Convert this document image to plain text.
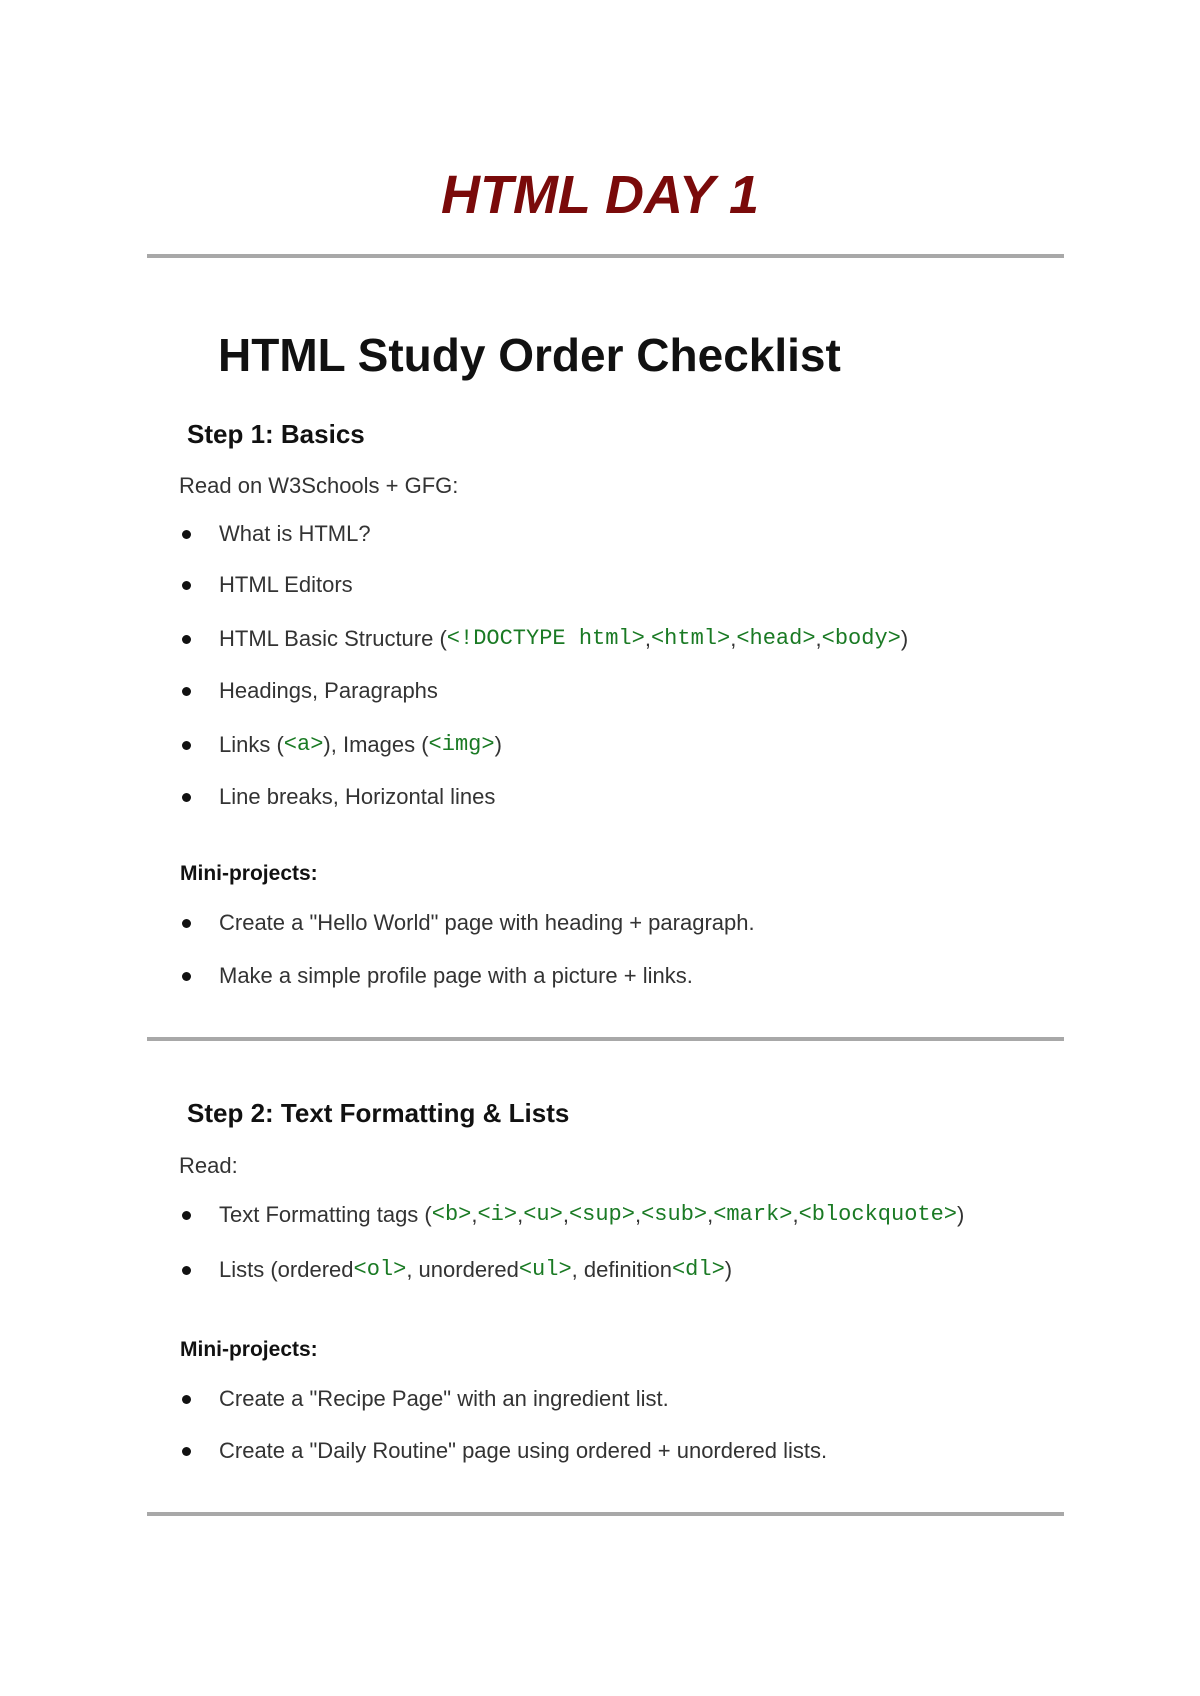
HTML DAY 1
HTML Study Order Checklist
Step 1: Basics
Read on W3Schools + GFG:
What is HTML?
HTML Editors
HTML Basic Structure ( <!DOCTYPE html> , <html> , <head> , <body> )
Headings, Paragraphs
Links ( <a> ), Images ( <img> )
Line breaks, Horizontal lines
Mini-projects:
Create a "Hello World" page with heading + paragraph.
Make a simple profile page with a picture + links.
Step 2: Text Formatting & Lists
Read:
Text Formatting tags ( <b> , <i> , <u> , <sup> , <sub> , <mark> , <blockquote> )
Lists (ordered <ol> , unordered <ul> , definition <dl> )
Mini-projects:
Create a "Recipe Page" with an ingredient list.
Create a "Daily Routine" page using ordered + unordered lists.
